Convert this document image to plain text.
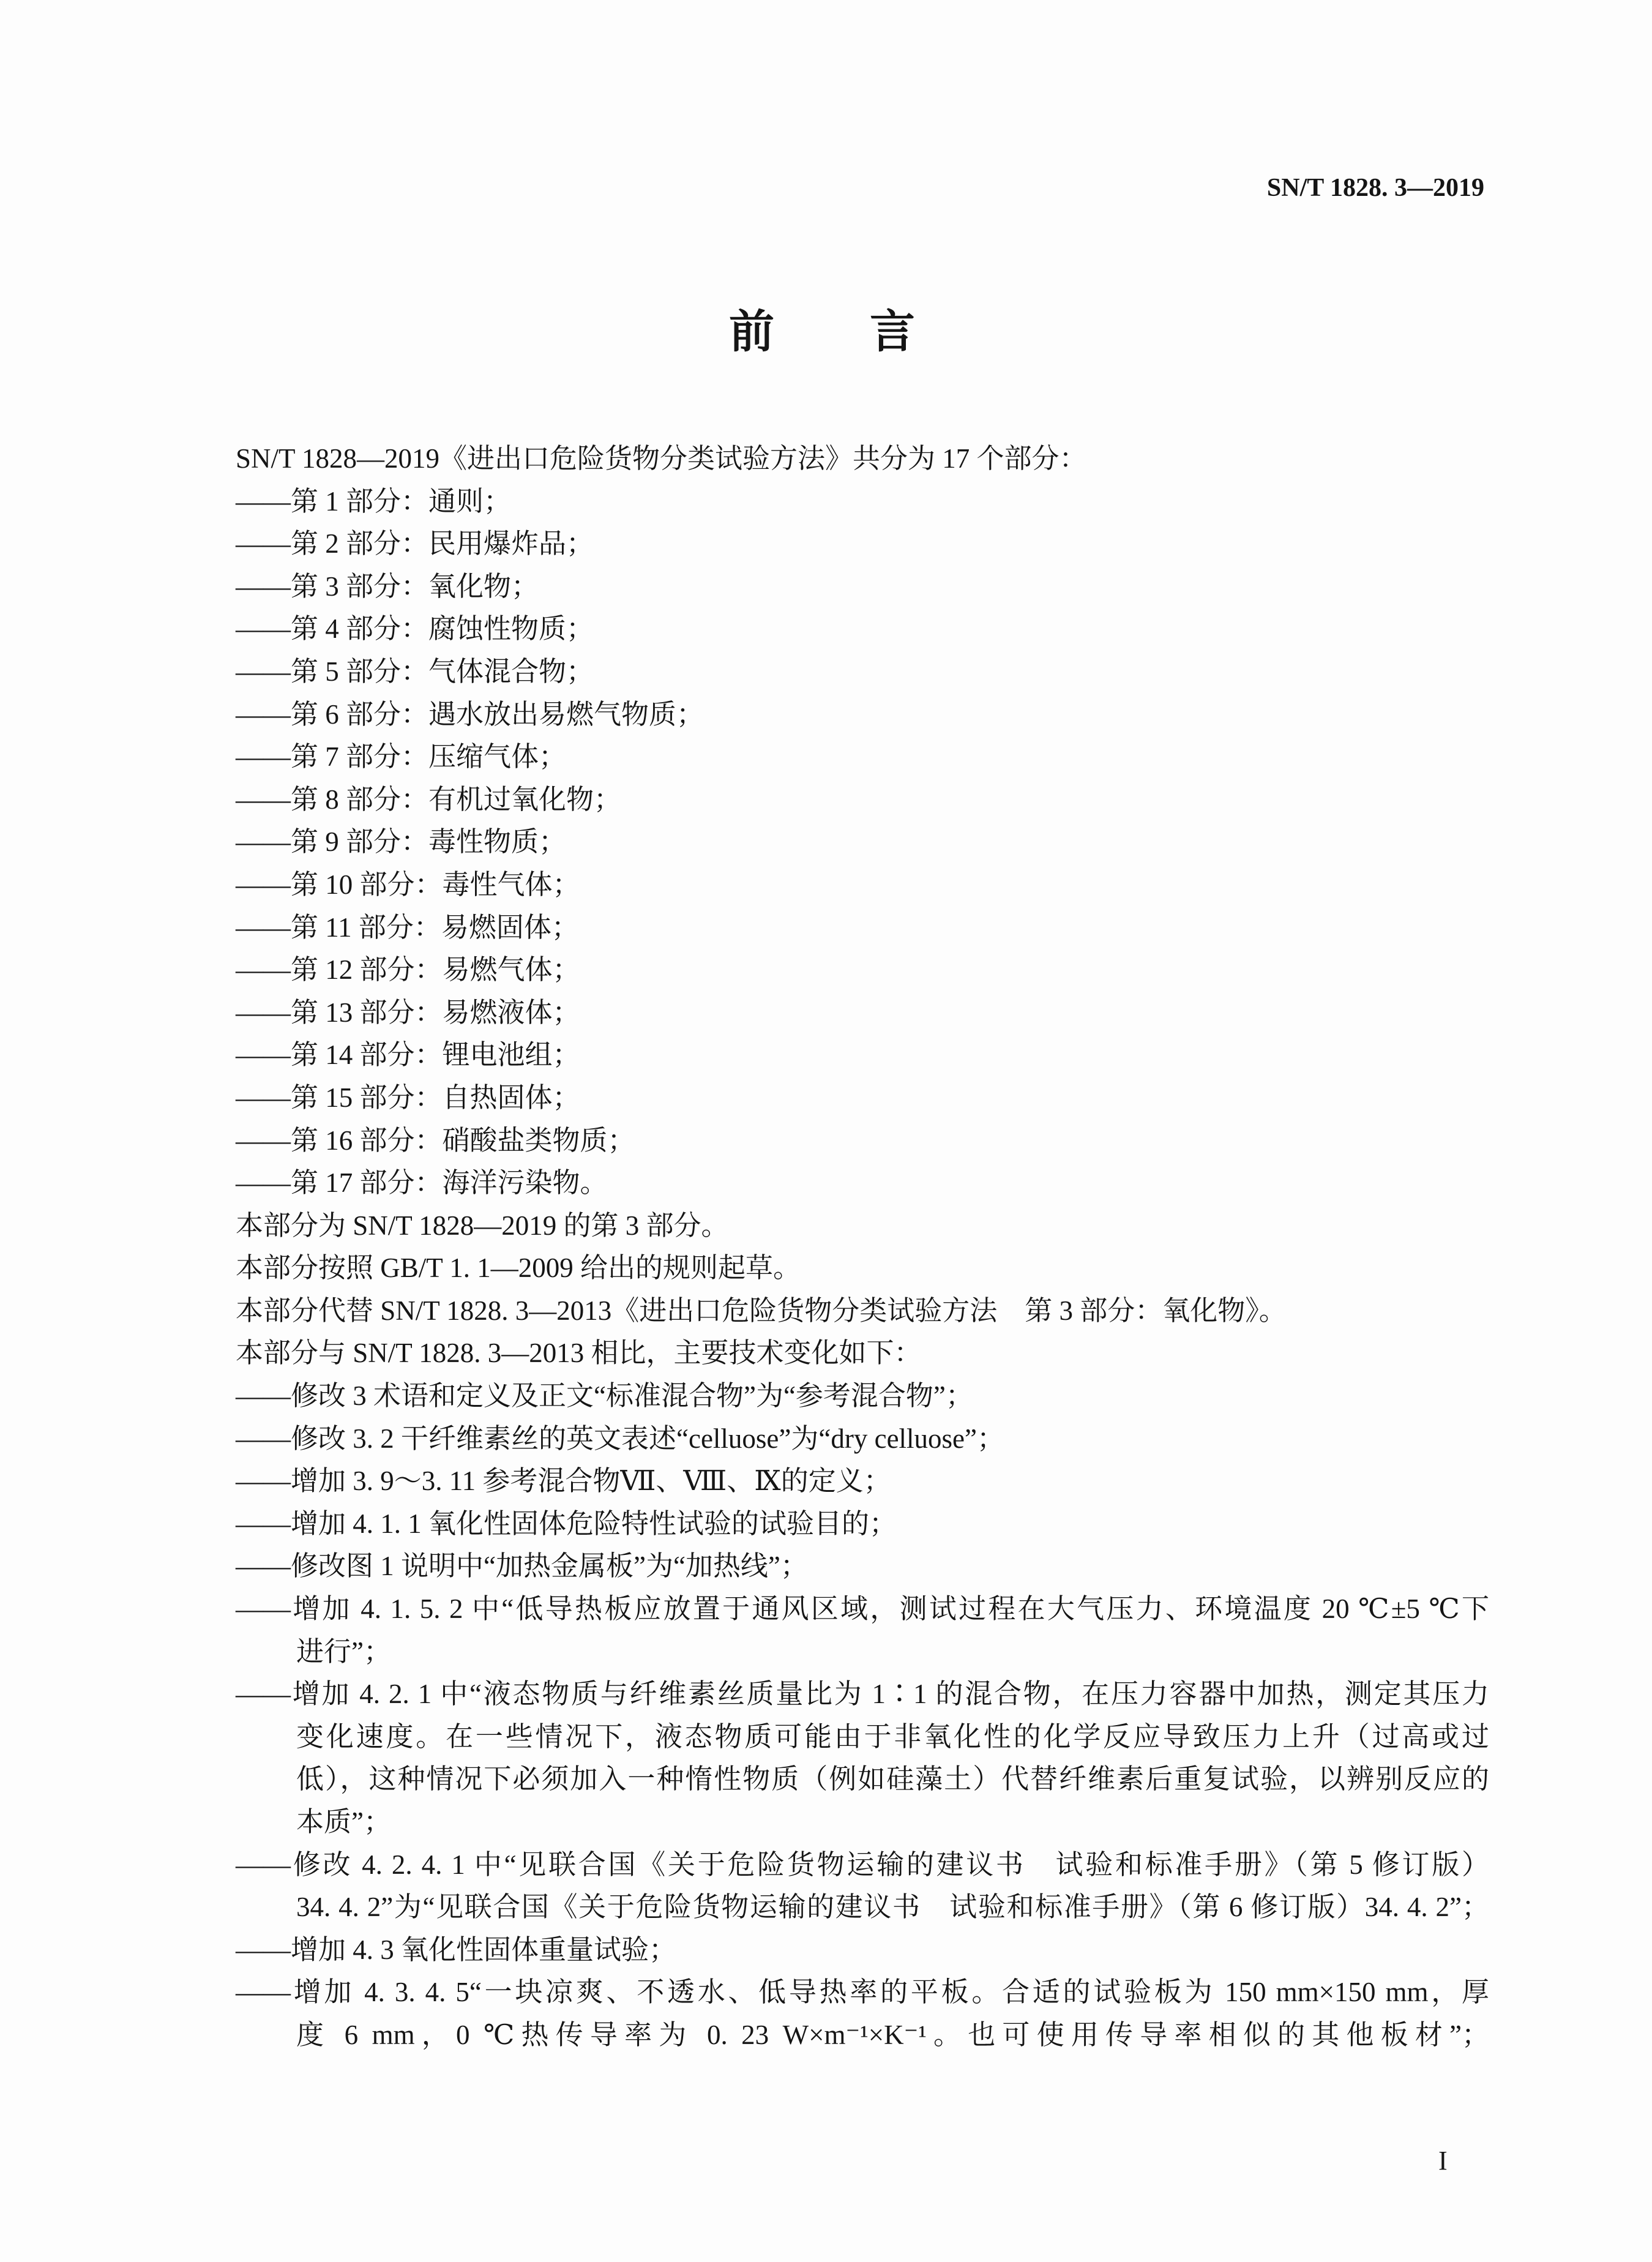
SN/T 1828. 3—2019
前言
SN/T 1828—2019《进出口危险货物分类试验方法》共分为 17 个部分：
——第 1 部分：通则；
——第 2 部分：民用爆炸品；
——第 3 部分：氧化物；
——第 4 部分：腐蚀性物质；
——第 5 部分：气体混合物；
——第 6 部分：遇水放出易燃气物质；
——第 7 部分：压缩气体；
——第 8 部分：有机过氧化物；
——第 9 部分：毒性物质；
——第 10 部分：毒性气体；
——第 11 部分：易燃固体；
——第 12 部分：易燃气体；
——第 13 部分：易燃液体；
——第 14 部分：锂电池组；
——第 15 部分：自热固体；
——第 16 部分：硝酸盐类物质；
——第 17 部分：海洋污染物。
本部分为 SN/T 1828—2019 的第 3 部分。
本部分按照 GB/T 1. 1—2009 给出的规则起草。
本部分代替 SN/T 1828. 3—2013《进出口危险货物分类试验方法　第 3 部分：氧化物》。
本部分与 SN/T 1828. 3—2013 相比，主要技术变化如下：
——修改 3 术语和定义及正文“标准混合物”为“参考混合物”；
——修改 3. 2 干纤维素丝的英文表述“celluose”为“dry celluose”；
——增加 3. 9～3. 11 参考混合物Ⅶ、Ⅷ、Ⅸ的定义；
——增加 4. 1. 1 氧化性固体危险特性试验的试验目的；
——修改图 1 说明中“加热金属板”为“加热线”；
——增加 4. 1. 5. 2 中“低导热板应放置于通风区域，测试过程在大气压力、环境温度 20 ℃±5 ℃下
进行”；
——增加 4. 2. 1 中“液态物质与纤维素丝质量比为 1∶1 的混合物，在压力容器中加热，测定其压力
变化速度。在一些情况下，液态物质可能由于非氧化性的化学反应导致压力上升（过高或过
低），这种情况下必须加入一种惰性物质（例如硅藻土）代替纤维素后重复试验，以辨别反应的
本质”；
——修改 4. 2. 4. 1 中“见联合国《关于危险货物运输的建议书　试验和标准手册》（第 5 修订版）
34. 4. 2”为“见联合国《关于危险货物运输的建议书　试验和标准手册》（第 6 修订版）34. 4. 2”；
——增加 4. 3 氧化性固体重量试验；
——增加 4. 3. 4. 5“一块凉爽、不透水、低导热率的平板。合适的试验板为 150 mm×150 mm，厚
度 6 mm，0 ℃热传导率为 0. 23 W×m⁻¹×K⁻¹。也可使用传导率相似的其他板材”；
I
